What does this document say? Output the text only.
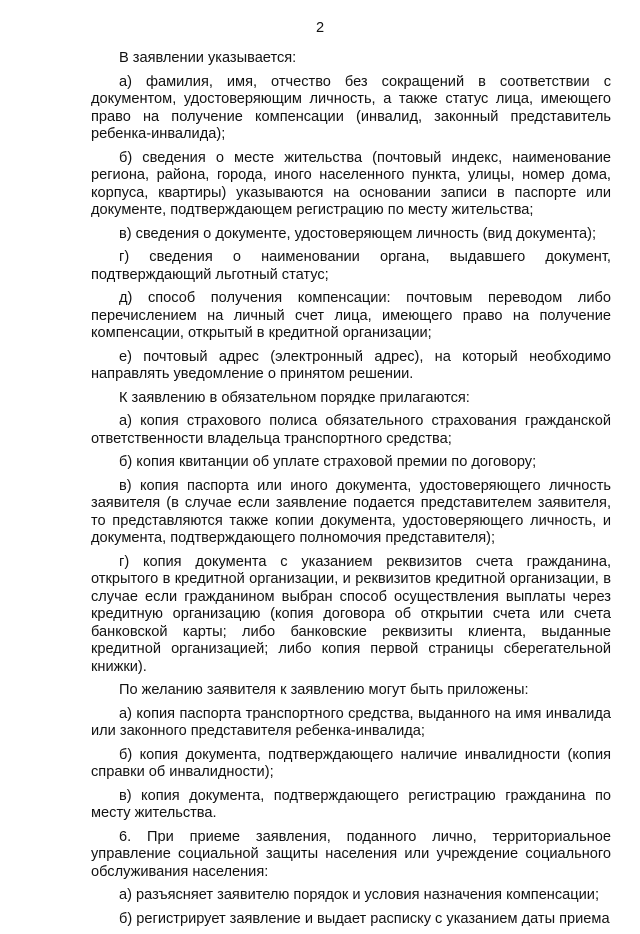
2

В заявлении указывается:

а) фамилия, имя, отчество без сокращений в соответствии с документом, удостоверяющим личность, а также статус лица, имеющего право на получение компенсации (инвалид, законный представитель ребенка-инвалида);

б) сведения о месте жительства (почтовый индекс, наименование региона, района, города, иного населенного пункта, улицы, номер дома, корпуса, квартиры) указываются на основании записи в паспорте или документе, подтверждающем регистрацию по месту жительства;

в) сведения о документе, удостоверяющем личность (вид документа);

г) сведения о наименовании органа, выдавшего документ, подтверждающий льготный статус;

д) способ получения компенсации: почтовым переводом либо перечислением на личный счет лица, имеющего право на получение компенсации, открытый в кредитной организации;

е) почтовый адрес (электронный адрес), на который необходимо направлять уведомление о принятом решении.

К заявлению в обязательном порядке прилагаются:

а) копия страхового полиса обязательного страхования гражданской ответственности владельца транспортного средства;

б) копия квитанции об уплате страховой премии по договору;

в) копия паспорта или иного документа, удостоверяющего личность заявителя (в случае если заявление подается представителем заявителя, то представляются также копии документа, удостоверяющего личность, и документа, подтверждающего полномочия представителя);

г) копия документа с указанием реквизитов счета гражданина, открытого в кредитной организации, и реквизитов кредитной организации, в случае если гражданином выбран способ осуществления выплаты через кредитную организацию (копия договора об открытии счета или счета банковской карты; либо банковские реквизиты клиента, выданные кредитной организацией; либо копия первой страницы сберегательной книжки).

По желанию заявителя к заявлению могут быть приложены:

а) копия паспорта транспортного средства, выданного на имя инвалида или законного представителя ребенка-инвалида;

б) копия документа, подтверждающего наличие инвалидности (копия справки об инвалидности);

в) копия документа, подтверждающего регистрацию гражданина по месту жительства.

6. При приеме заявления, поданного лично, территориальное управление социальной защиты населения или учреждение социального обслуживания населения:

а) разъясняет заявителю порядок и условия назначения компенсации;

б) регистрирует заявление и выдает расписку с указанием даты приема
